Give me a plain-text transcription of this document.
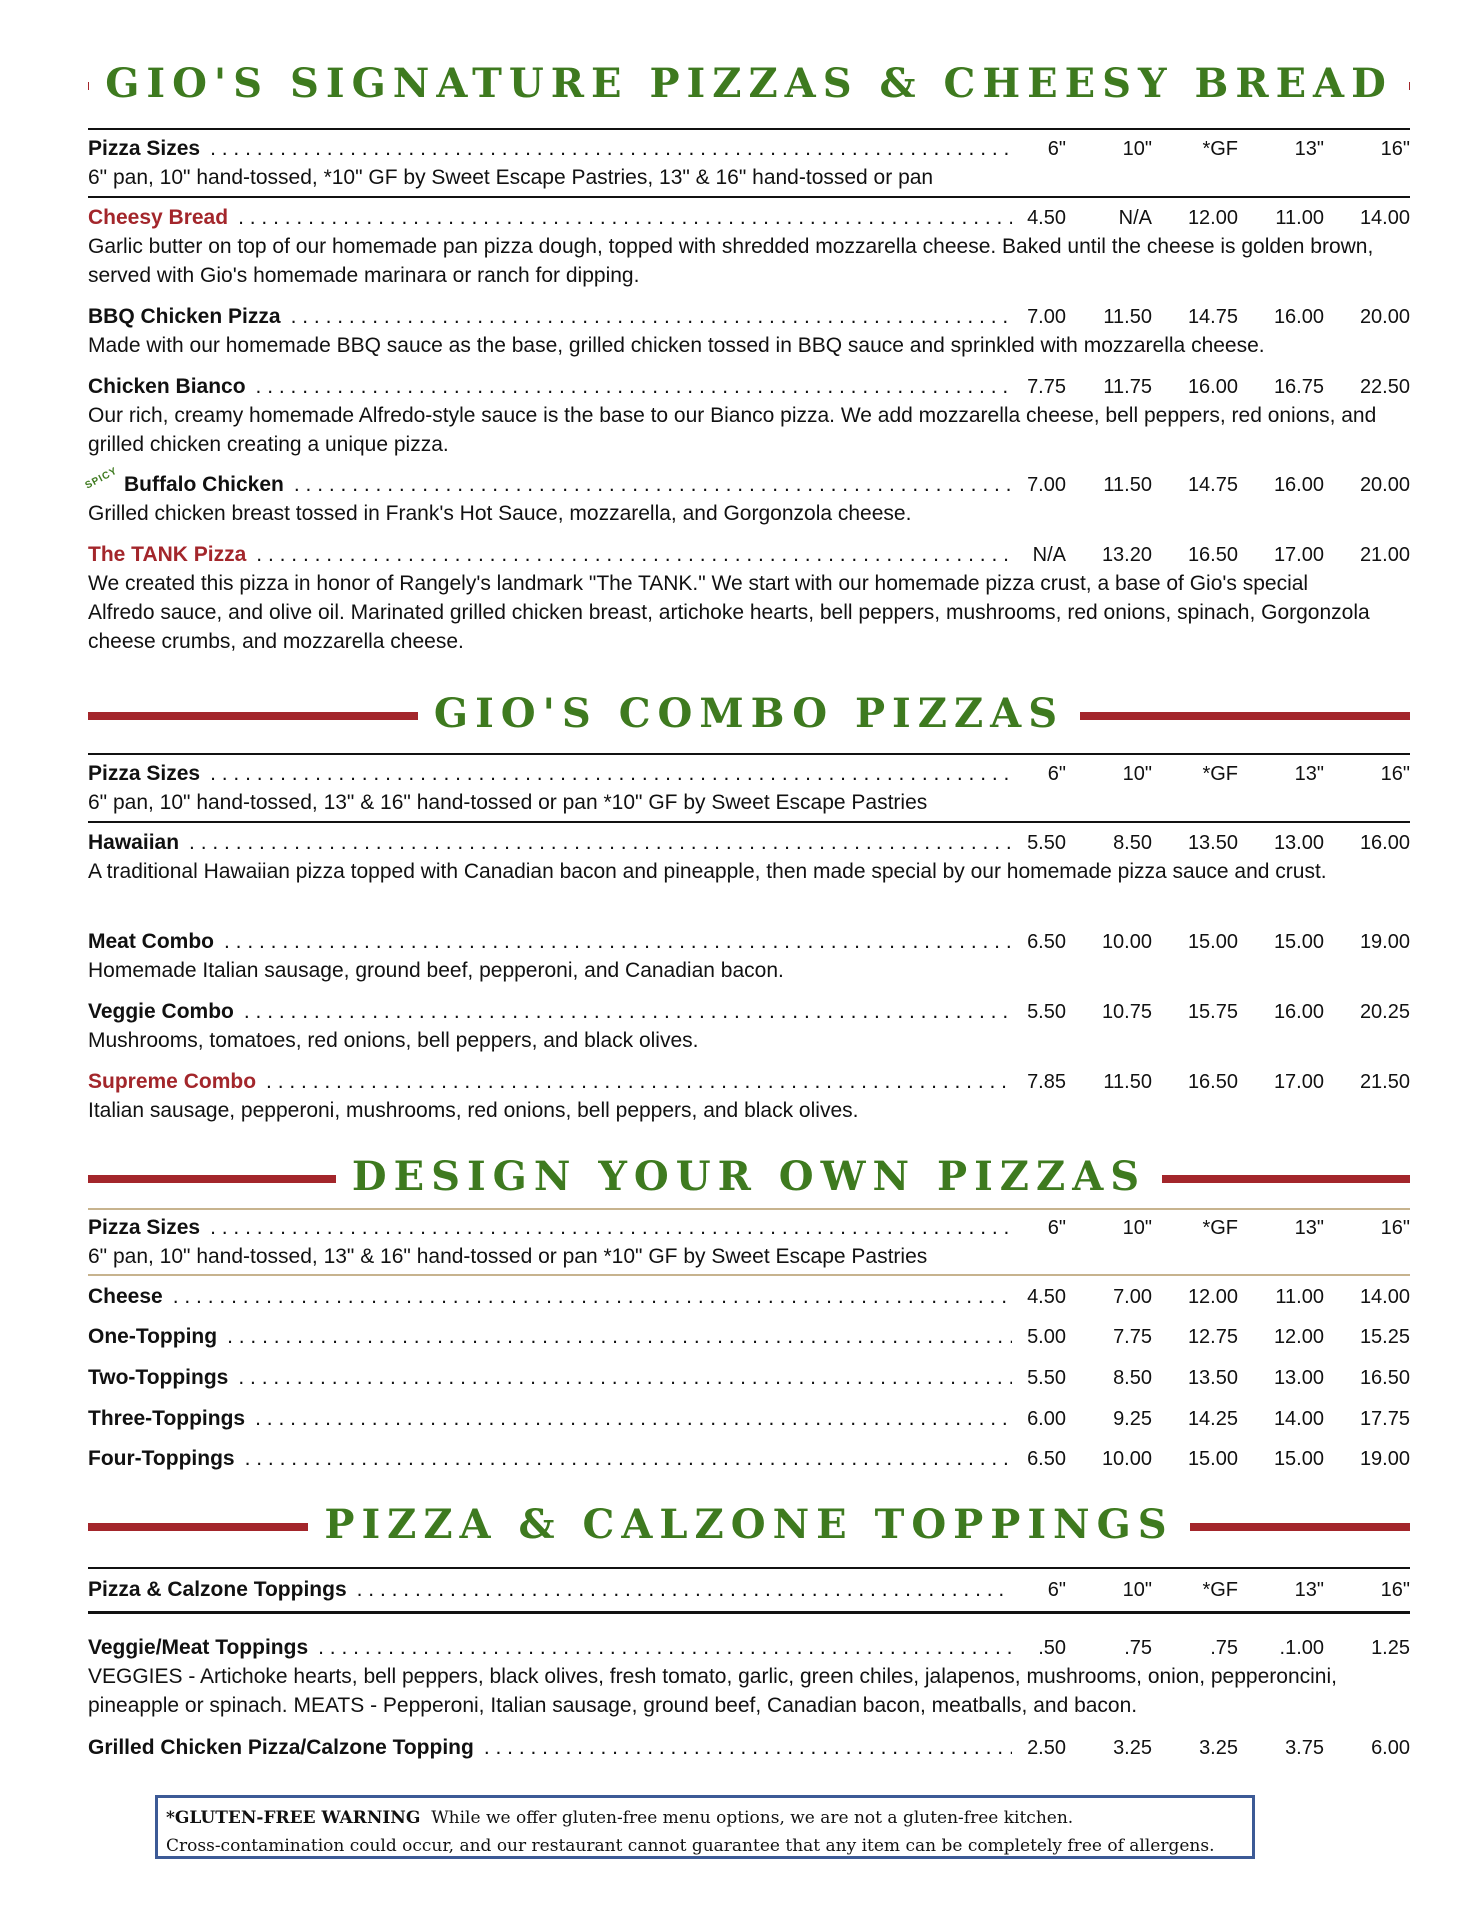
GIO'S SIGNATURE PIZZAS & CHEESY BREAD
Pizza Sizes . . .	6"	10"	*GF	13"	16"
6" pan, 10" hand-tossed, *10" GF by Sweet Escape Pastries, 13" & 16" hand-tossed or pan
Cheesy Bread . . .	4.50	N/A	12.00	11.00	14.00
Garlic butter on top of our homemade pan pizza dough, topped with shredded mozzarella cheese. Baked until the cheese is golden brown, served with Gio's homemade marinara or ranch for dipping.
BBQ Chicken Pizza . . .	7.00	11.50	14.75	16.00	20.00
Made with our homemade BBQ sauce as the base, grilled chicken tossed in BBQ sauce and sprinkled with mozzarella cheese.
Chicken Bianco . . .	7.75	11.75	16.00	16.75	22.50
Our rich, creamy homemade Alfredo-style sauce is the base to our Bianco pizza. We add mozzarella cheese, bell peppers, red onions, and grilled chicken creating a unique pizza.
SPICY Buffalo Chicken . . .	7.00	11.50	14.75	16.00	20.00
Grilled chicken breast tossed in Frank's Hot Sauce, mozzarella, and Gorgonzola cheese.
The TANK Pizza . . .	N/A	13.20	16.50	17.00	21.00
We created this pizza in honor of Rangely's landmark "The TANK." We start with our homemade pizza crust, a base of Gio's special Alfredo sauce, and olive oil. Marinated grilled chicken breast, artichoke hearts, bell peppers, mushrooms, red onions, spinach, Gorgonzola cheese crumbs, and mozzarella cheese.
GIO'S COMBO PIZZAS
Pizza Sizes . . .	6"	10"	*GF	13"	16"
6" pan, 10" hand-tossed, 13" & 16" hand-tossed or pan *10" GF by Sweet Escape Pastries
Hawaiian . . .	5.50	8.50	13.50	13.00	16.00
A traditional Hawaiian pizza topped with Canadian bacon and pineapple, then made special by our homemade pizza sauce and crust.
Meat Combo . . .	6.50	10.00	15.00	15.00	19.00
Homemade Italian sausage, ground beef, pepperoni, and Canadian bacon.
Veggie Combo . . .	5.50	10.75	15.75	16.00	20.25
Mushrooms, tomatoes, red onions, bell peppers, and black olives.
Supreme Combo . . .	7.85	11.50	16.50	17.00	21.50
Italian sausage, pepperoni, mushrooms, red onions, bell peppers, and black olives.
DESIGN YOUR OWN PIZZAS
Pizza Sizes . . .	6"	10"	*GF	13"	16"
6" pan, 10" hand-tossed, 13" & 16" hand-tossed or pan *10" GF by Sweet Escape Pastries
Cheese . . .	4.50	7.00	12.00	11.00	14.00
One-Topping . . .	5.00	7.75	12.75	12.00	15.25
Two-Toppings . . .	5.50	8.50	13.50	13.00	16.50
Three-Toppings . . .	6.00	9.25	14.25	14.00	17.75
Four-Toppings . . .	6.50	10.00	15.00	15.00	19.00
PIZZA & CALZONE TOPPINGS
Pizza & Calzone Toppings . . .	6"	10"	*GF	13"	16"
Veggie/Meat Toppings . . .	.50	.75	.75	.1.00	1.25
VEGGIES - Artichoke hearts, bell peppers, black olives, fresh tomato, garlic, green chiles, jalapenos, mushrooms, onion, pepperoncini, pineapple or spinach. MEATS - Pepperoni, Italian sausage, ground beef, Canadian bacon, meatballs, and bacon.
Grilled Chicken Pizza/Calzone Topping . . .	2.50	3.25	3.25	3.75	6.00
*GLUTEN-FREE WARNING While we offer gluten-free menu options, we are not a gluten-free kitchen.
Cross-contamination could occur, and our restaurant cannot guarantee that any item can be completely free of allergens.
